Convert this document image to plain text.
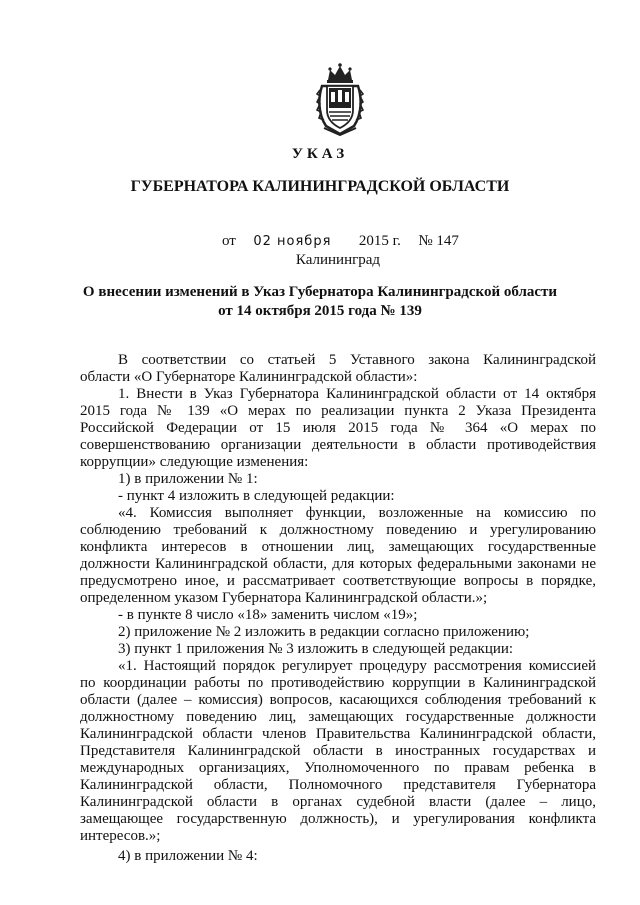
УКАЗ
ГУБЕРНАТОРА КАЛИНИНГРАДСКОЙ ОБЛАСТИ
от 02 ноября 2015 г. № 147
Калининград
О внесении изменений в Указ Губернатора Калининградской области
от 14 октября 2015 года № 139
В соответствии со статьей 5 Уставного закона Калининградской
области «О Губернаторе Калининградской области»:
1. Внести в Указ Губернатора Калининградской области от 14 октября
2015 года № 139 «О мерах по реализации пункта 2 Указа Президента
Российской Федерации от 15 июля 2015 года № 364 «О мерах по
совершенствованию организации деятельности в области противодействия
коррупции» следующие изменения:
1) в приложении № 1:
- пункт 4 изложить в следующей редакции:
«4. Комиссия выполняет функции, возложенные на комиссию по
соблюдению требований к должностному поведению и урегулированию
конфликта интересов в отношении лиц, замещающих государственные
должности Калининградской области, для которых федеральными законами не
предусмотрено иное, и рассматривает соответствующие вопросы в порядке,
определенном указом Губернатора Калининградской области.»;
- в пункте 8 число «18» заменить числом «19»;
2) приложение № 2 изложить в редакции согласно приложению;
3) пункт 1 приложения № 3 изложить в следующей редакции:
«1. Настоящий порядок регулирует процедуру рассмотрения комиссией
по координации работы по противодействию коррупции в Калининградской
области (далее – комиссия) вопросов, касающихся соблюдения требований к
должностному поведению лиц, замещающих государственные должности
Калининградской области членов Правительства Калининградской области,
Представителя Калининградской области в иностранных государствах и
международных организациях, Уполномоченного по правам ребенка в
Калининградской области, Полномочного представителя Губернатора
Калининградской области в органах судебной власти (далее – лицо,
замещающее государственную должность), и урегулирования конфликта
интересов.»;
4) в приложении № 4:
